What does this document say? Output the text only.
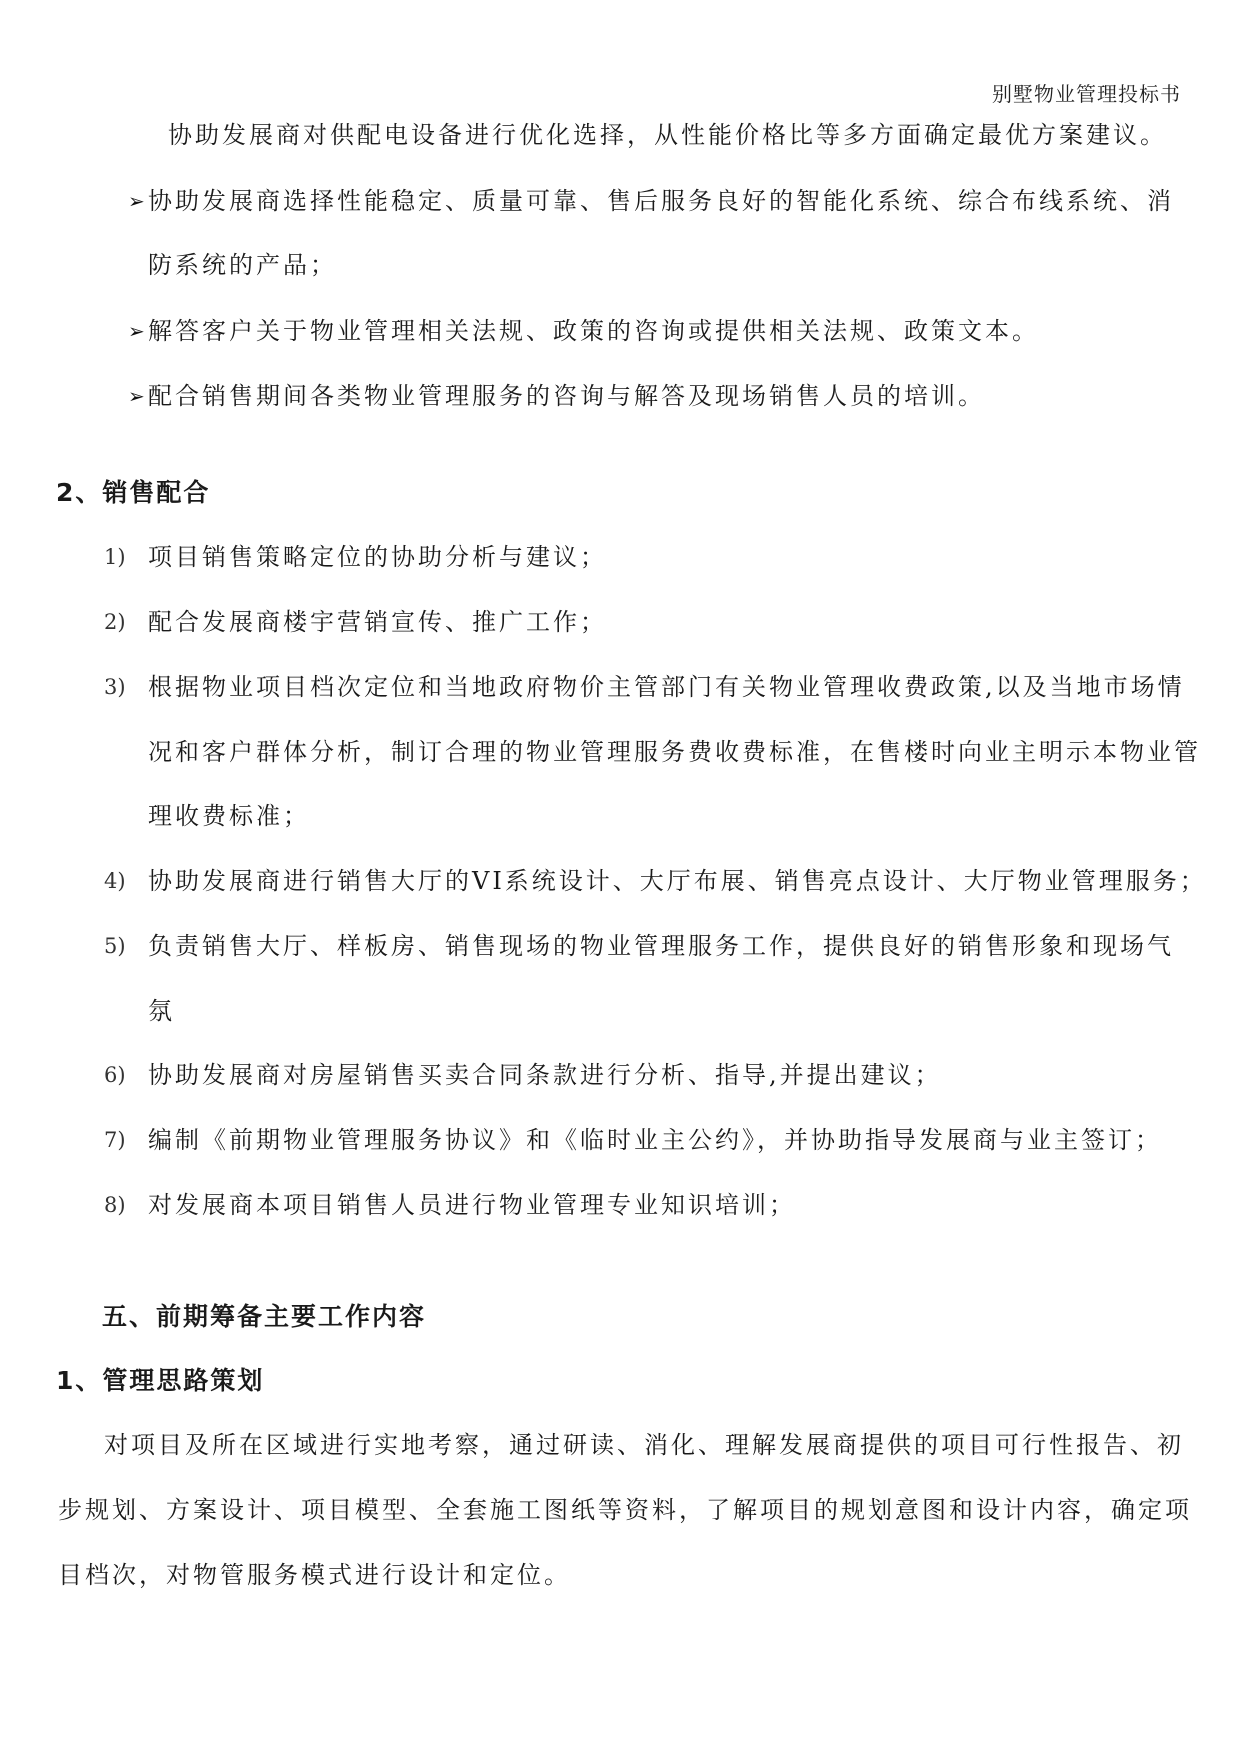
别墅物业管理投标书
协助发展商对供配电设备进行优化选择，从性能价格比等多方面确定最优方案建议。
➢ 协助发展商选择性能稳定、质量可靠、售后服务良好的智能化系统、综合布线系统、消
防系统的产品；
➢ 解答客户关于物业管理相关法规、政策的咨询或提供相关法规、政策文本。
➢ 配合销售期间各类物业管理服务的咨询与解答及现场销售人员的培训。
2、销售配合
1) 项目销售策略定位的协助分析与建议；
2) 配合发展商楼宇营销宣传、推广工作；
3) 根据物业项目档次定位和当地政府物价主管部门有关物业管理收费政策,以及当地市场情
况和客户群体分析，制订合理的物业管理服务费收费标准，在售楼时向业主明示本物业管
理收费标准；
4) 协助发展商进行销售大厅的VI系统设计、大厅布展、销售亮点设计、大厅物业管理服务；
5) 负责销售大厅、样板房、销售现场的物业管理服务工作，提供良好的销售形象和现场气
氛
6) 协助发展商对房屋销售买卖合同条款进行分析、指导,并提出建议；
7) 编制《前期物业管理服务协议》和《临时业主公约》，并协助指导发展商与业主签订；
8) 对发展商本项目销售人员进行物业管理专业知识培训；
五、前期筹备主要工作内容
1、管理思路策划
对项目及所在区域进行实地考察，通过研读、消化、理解发展商提供的项目可行性报告、初
步规划、方案设计、项目模型、全套施工图纸等资料，了解项目的规划意图和设计内容，确定项
目档次，对物管服务模式进行设计和定位。
